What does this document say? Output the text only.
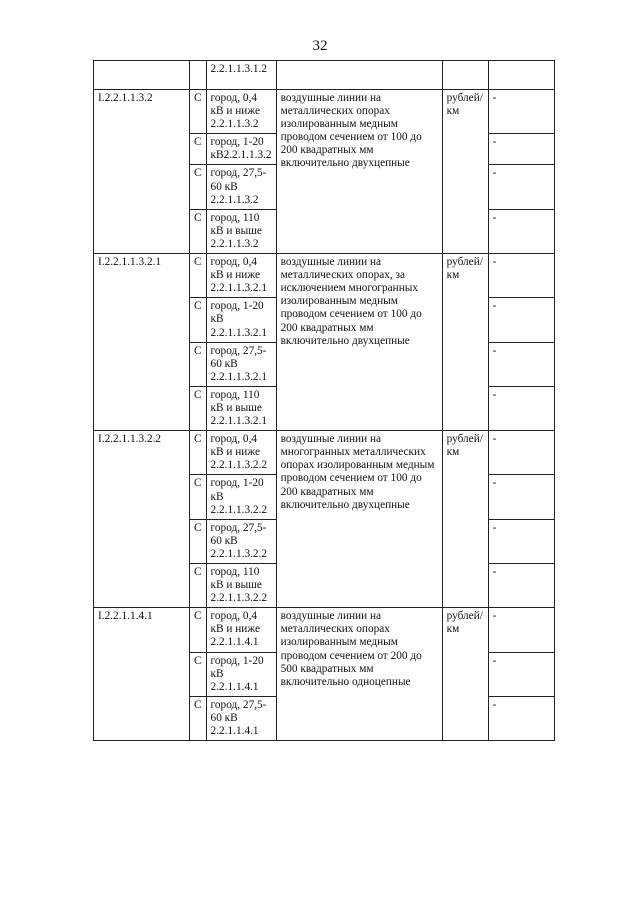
32
		2.2.1.1.3.1.2			
I.2.2.1.1.3.2	С	город, 0,4 кВ и ниже 2.2.1.1.3.2	воздушные линии на металлических опорах изолированным медным проводом сечением от 100 до 200 квадратных мм включительно двухцепные	рублей/км	-
	С	город, 1-20 кВ2.2.1.1.3.2			-
	С	город, 27,5-60 кВ 2.2.1.1.3.2			-
	С	город, 110 кВ и выше 2.2.1.1.3.2			-
I.2.2.1.1.3.2.1	С	город, 0,4 кВ и ниже 2.2.1.1.3.2.1	воздушные линии на металлических опорах, за исключением многогранных изолированным медным проводом сечением от 100 до 200 квадратных мм включительно двухцепные	рублей/км	-
	С	город, 1-20 кВ 2.2.1.1.3.2.1			-
	С	город, 27,5-60 кВ 2.2.1.1.3.2.1			-
	С	город, 110 кВ и выше 2.2.1.1.3.2.1			-
I.2.2.1.1.3.2.2	С	город, 0,4 кВ и ниже 2.2.1.1.3.2.2	воздушные линии на многогранных металлических опорах изолированным медным проводом сечением от 100 до 200 квадратных мм включительно двухцепные	рублей/км	-
	С	город, 1-20 кВ 2.2.1.1.3.2.2			-
	С	город, 27,5-60 кВ 2.2.1.1.3.2.2			-
	С	город, 110 кВ и выше 2.2.1.1.3.2.2			-
I.2.2.1.1.4.1	С	город, 0,4 кВ и ниже 2.2.1.1.4.1	воздушные линии на металлических опорах изолированным медным проводом сечением от 200 до 500 квадратных мм включительно одноцепные	рублей/км	-
	С	город, 1-20 кВ 2.2.1.1.4.1			-
	С	город, 27,5-60 кВ 2.2.1.1.4.1			-
